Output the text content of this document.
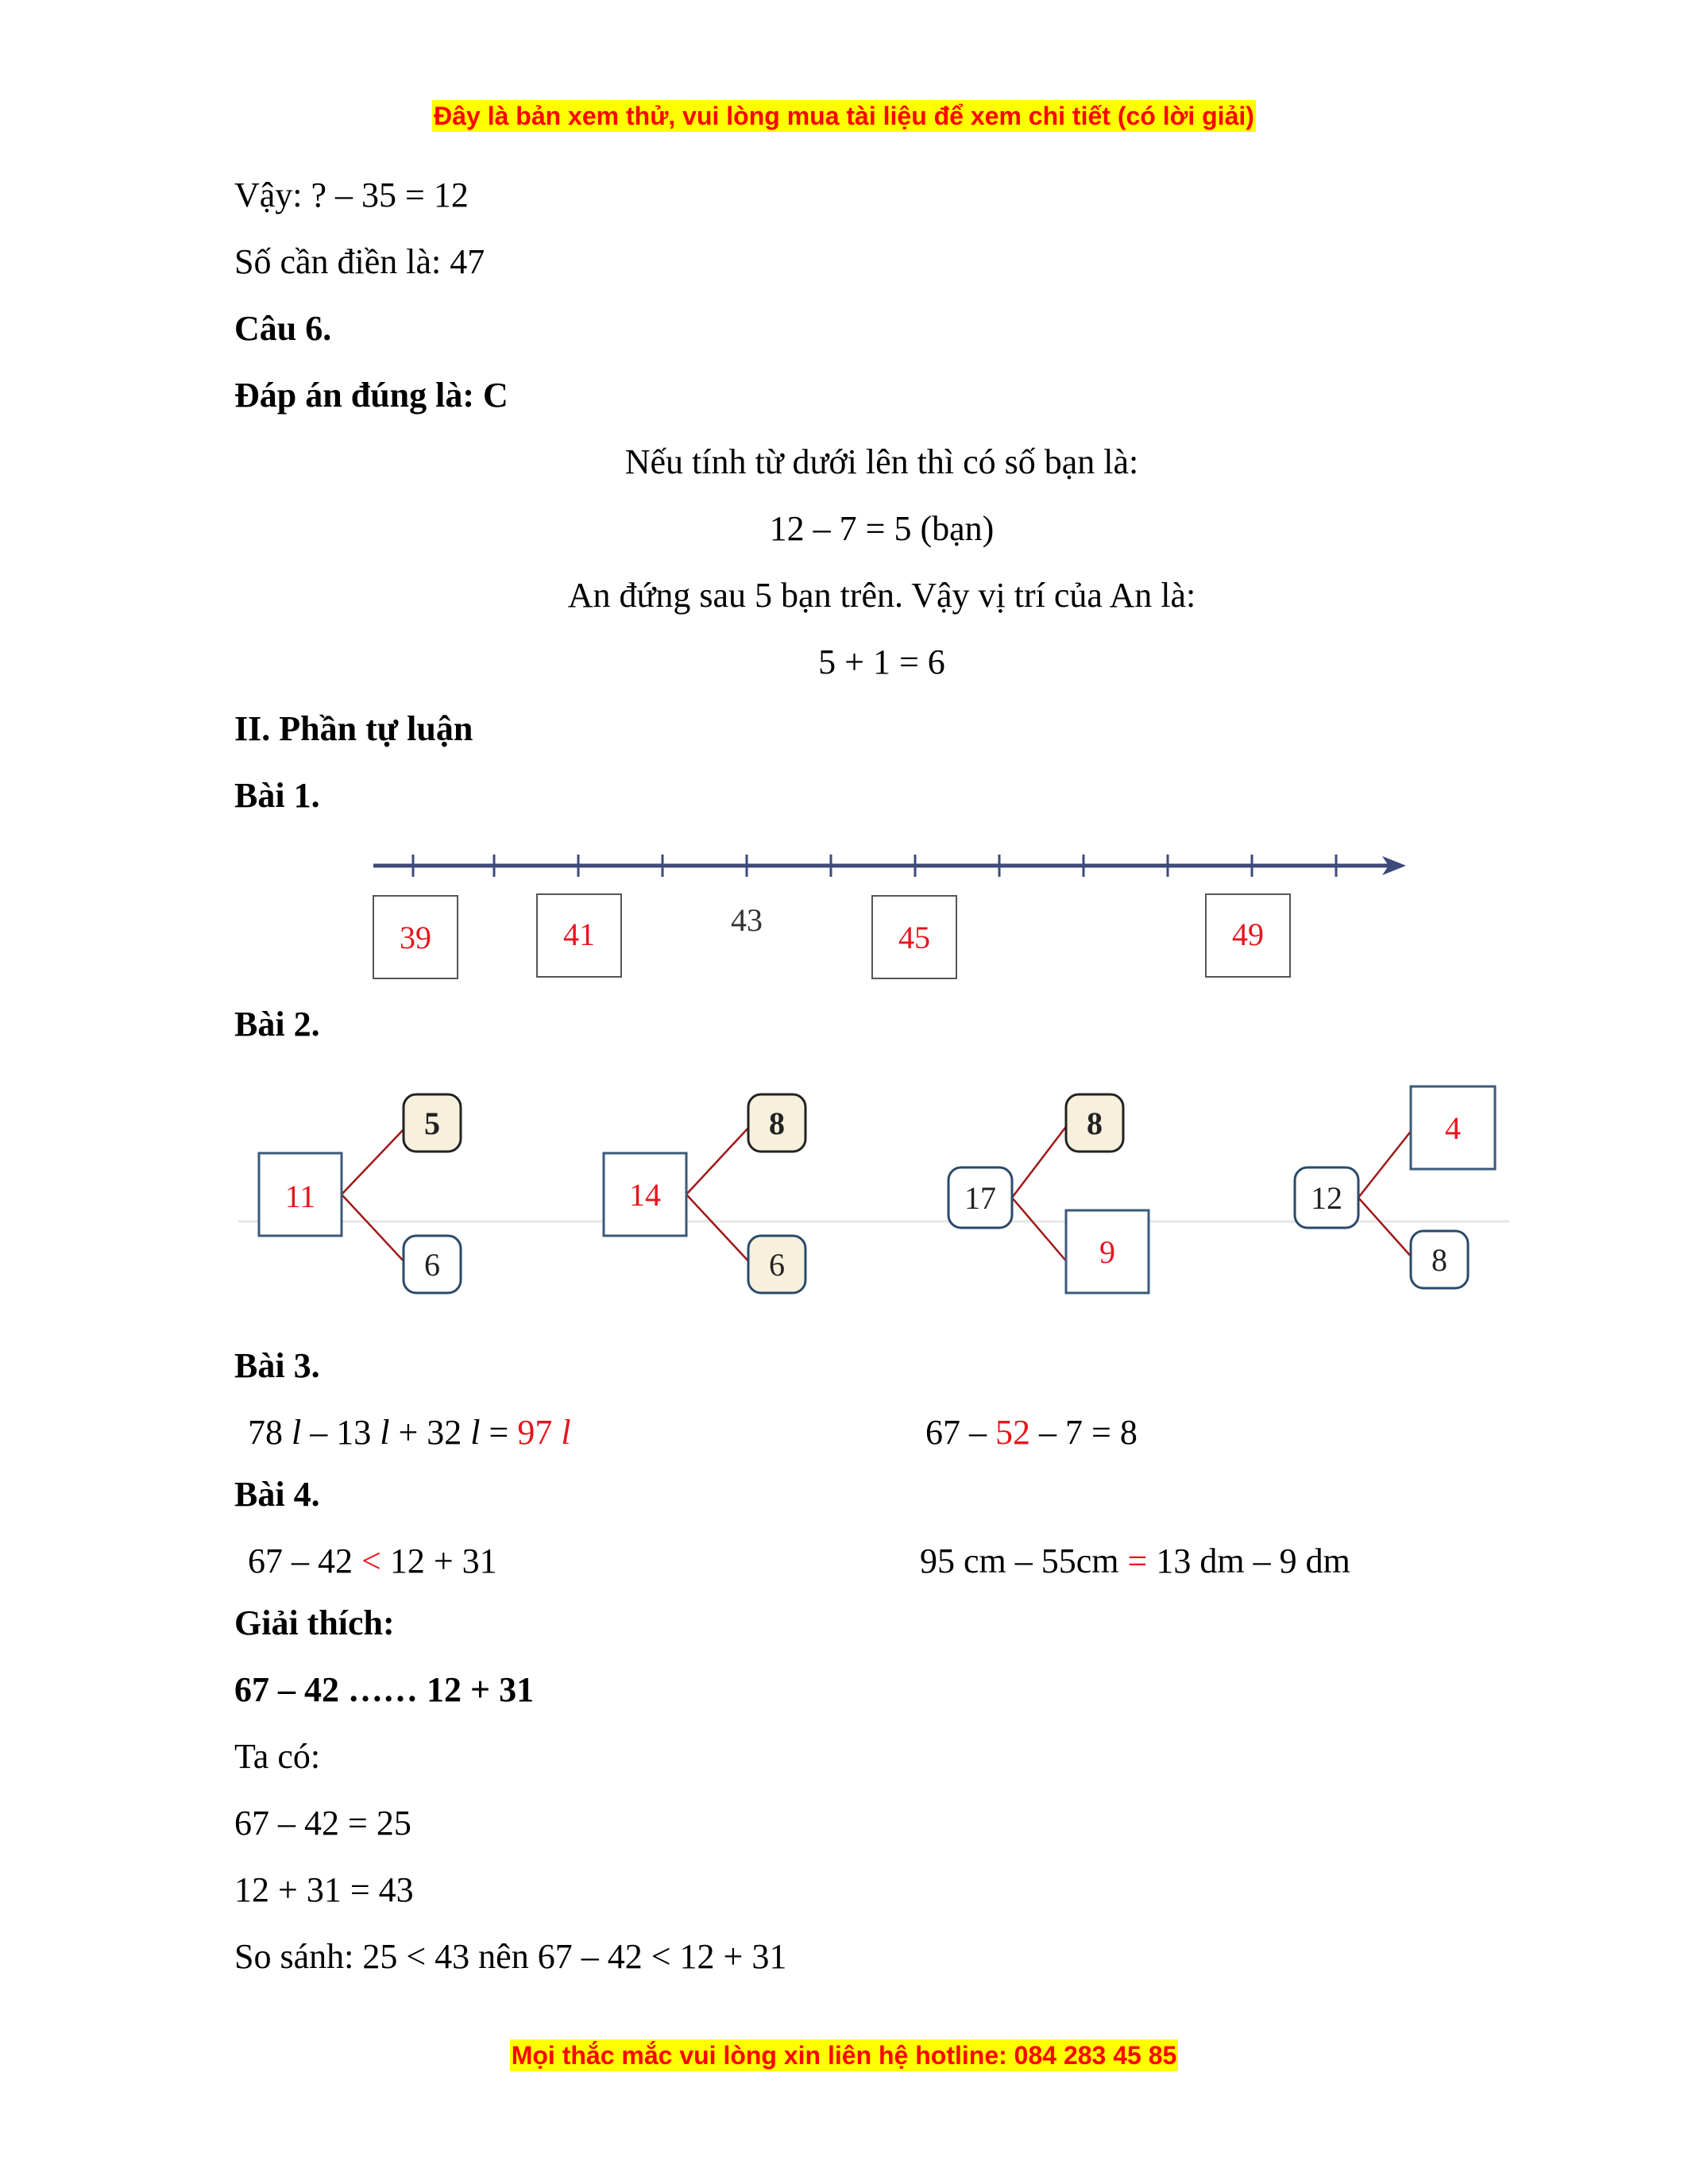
Đây là bản xem thử, vui lòng mua tài liệu để xem chi tiết (có lời giải)
Vậy: ? – 35 = 12
Số cần điền là: 47
Câu 6.
Đáp án đúng là: C
Nếu tính từ dưới lên thì có số bạn là:
12 – 7 = 5 (bạn)
An đứng sau 5 bạn trên. Vậy vị trí của An là:
5 + 1 = 6
II. Phần tự luận
Bài 1.
39	41	43	45	49
Bài 2.
11
5
6
14
8
6
17
8
9
12
4
8
Bài 3.
78 l – 13 l + 32 l = 97 l	67 – 52 – 7 = 8
Bài 4.
67 – 42 < 12 + 31	95 cm – 55cm = 13 dm – 9 dm
Giải thích:
67 – 42 …… 12 + 31
Ta có:
67 – 42 = 25
12 + 31 = 43
So sánh: 25 < 43 nên 67 – 42 < 12 + 31
Mọi thắc mắc vui lòng xin liên hệ hotline: 084 283 45 85
